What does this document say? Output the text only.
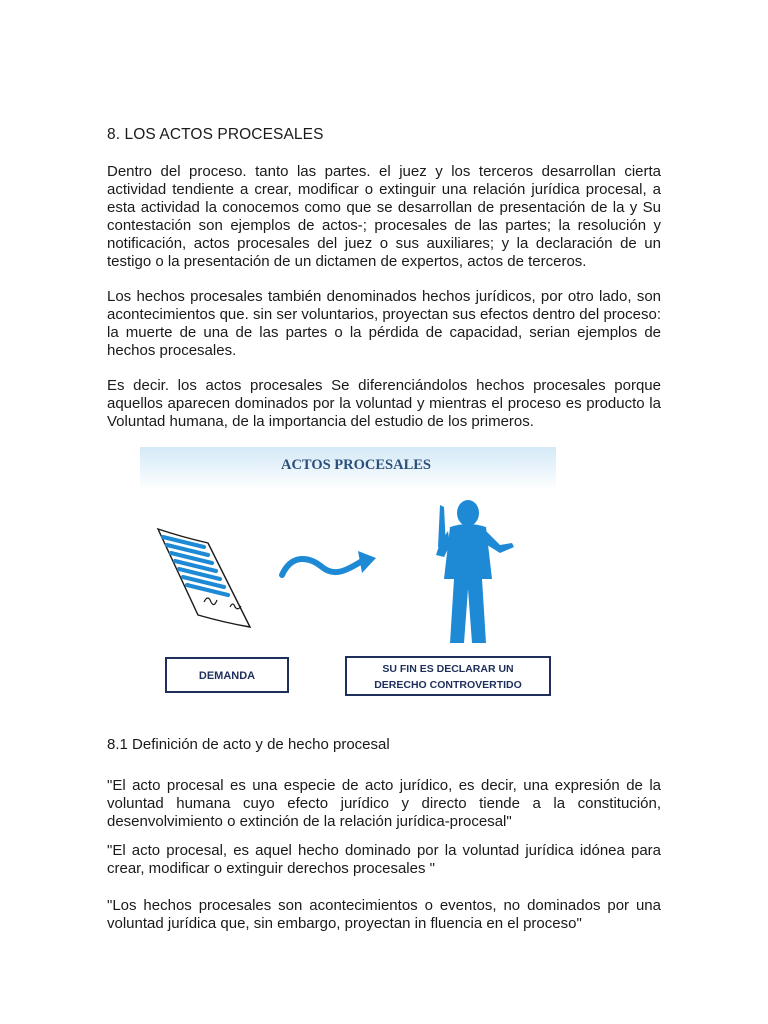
8. LOS ACTOS PROCESALES

Dentro del proceso. tanto las partes. el juez y los terceros desarrollan cierta actividad tendiente a crear, modificar o extinguir una relación jurídica procesal, a esta actividad la conocemos como que se desarrollan de presentación de la y Su contestación son ejemplos de actos-; procesales de las partes; la resolución y notificación, actos procesales del juez o sus auxiliares; y la declaración de un testigo o la presentación de un dictamen de expertos, actos de terceros.

Los hechos procesales también denominados hechos jurídicos, por otro lado, son acontecimientos que. sin ser voluntarios, proyectan sus efectos dentro del proceso: la muerte de una de las partes o la pérdida de capacidad, serian ejemplos de hechos procesales.

Es decir. los actos procesales Se diferenciándolos hechos procesales porque aquellos aparecen dominados por la voluntad y mientras el proceso es producto la Voluntad humana, de la importancia del estudio de los primeros.

8.1 Definición de acto y de hecho procesal

"El acto procesal es una especie de acto jurídico, es decir, una expresión de la voluntad humana cuyo efecto jurídico y directo tiende a la constitución, desenvolvimiento o extinción de la relación jurídica-procesal"

"El acto procesal, es aquel hecho dominado por la voluntad jurídica idónea para crear, modificar o extinguir derechos procesales "

"Los hechos procesales son acontecimientos o eventos, no dominados por una voluntad jurídica que, sin embargo, proyectan in fluencia en el proceso"

ACTOS PROCESALES
DEMANDA
SU FIN ES DECLARAR UN
DERECHO CONTROVERTIDO
